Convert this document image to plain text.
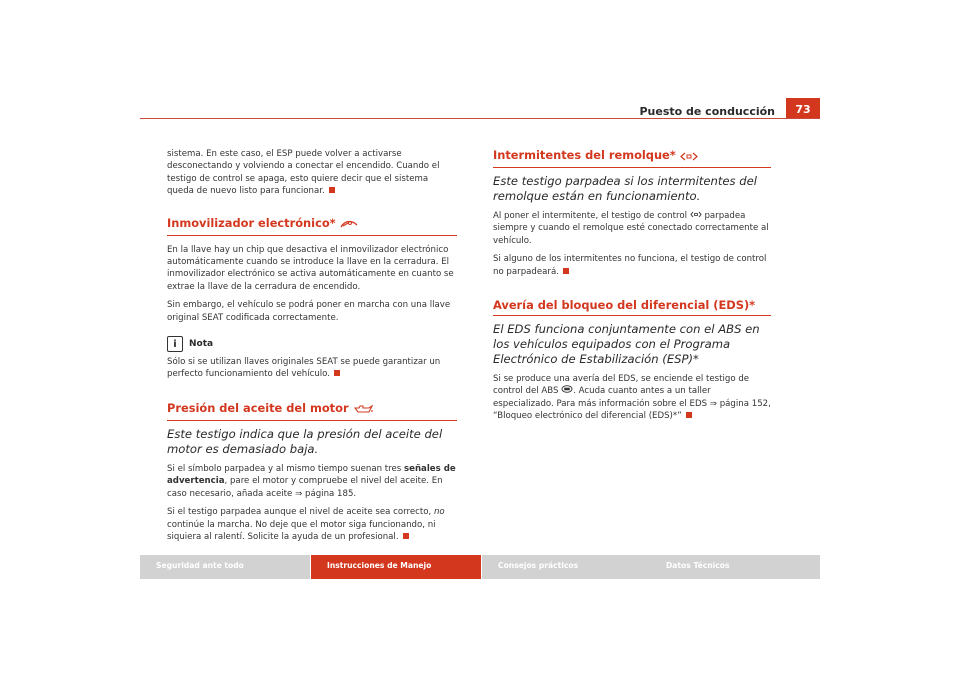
Puesto de conducción	73

sistema. En este caso, el ESP puede volver a activarse desconectando y volviendo a conectar el encendido. Cuando el testigo de control se apaga, esto quiere decir que el sistema queda de nuevo listo para funcionar.

Inmovilizador electrónico*

En la llave hay un chip que desactiva el inmovilizador electrónico automáticamente cuando se introduce la llave en la cerradura. El inmovilizador electrónico se activa automáticamente en cuanto se extrae la llave de la cerradura de encendido.

Sin embargo, el vehículo se podrá poner en marcha con una llave original SEAT codificada correctamente.

i	Nota

Sólo si se utilizan llaves originales SEAT se puede garantizar un perfecto funcionamiento del vehículo.

Presión del aceite del motor
Este testigo indica que la presión del aceite del motor es demasiado baja.

Si el símbolo parpadea y al mismo tiempo suenan tres señales de advertencia, pare el motor y compruebe el nivel del aceite. En caso necesario, añada aceite ⇒ página 185.

Si el testigo parpadea aunque el nivel de aceite sea correcto, no continúe la marcha. No deje que el motor siga funcionando, ni siquiera al ralentí. Solicite la ayuda de un profesional.

Intermitentes del remolque*
Este testigo parpadea si los intermitentes del remolque están en funcionamiento.

Al poner el intermitente, el testigo de control  parpadea siempre y cuando el remolque esté conectado correctamente al vehículo.

Si alguno de los intermitentes no funciona, el testigo de control no parpadeará.

Avería del bloqueo del diferencial (EDS)*
El EDS funciona conjuntamente con el ABS en los vehículos equipados con el Programa Electrónico de Estabilización (ESP)*

Si se produce una avería del EDS, se enciende el testigo de control del ABS . Acuda cuanto antes a un taller especializado. Para más información sobre el EDS ⇒ página 152, “Bloqueo electrónico del diferencial (EDS)*”

Seguridad ante todo	Instrucciones de Manejo	Consejos prácticos	Datos Técnicos
